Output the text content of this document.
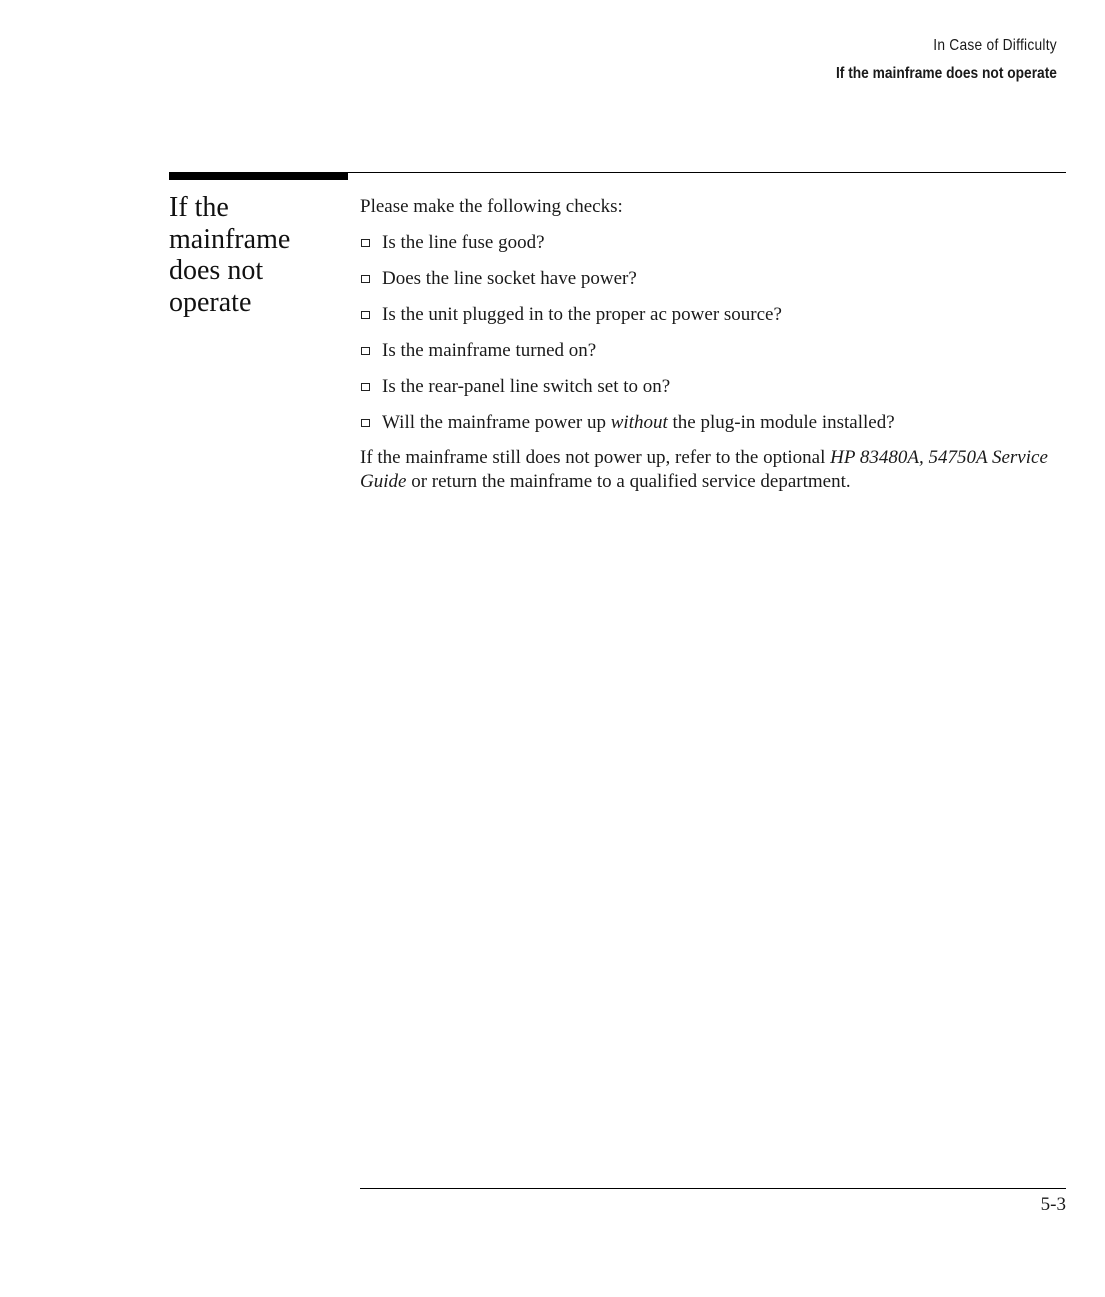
In Case of Difficulty
If the mainframe does not operate
If the
mainframe
does not
operate

Please make the following checks:

Is the line fuse good?
Does the line socket have power?
Is the unit plugged in to the proper ac power source?
Is the mainframe turned on?
Is the rear-panel line switch set to on?
Will the mainframe power up without the plug-in module installed?

If the mainframe still does not power up, refer to the optional HP 83480A, 54750A Service Guide or return the mainframe to a qualified service department.

5-3
